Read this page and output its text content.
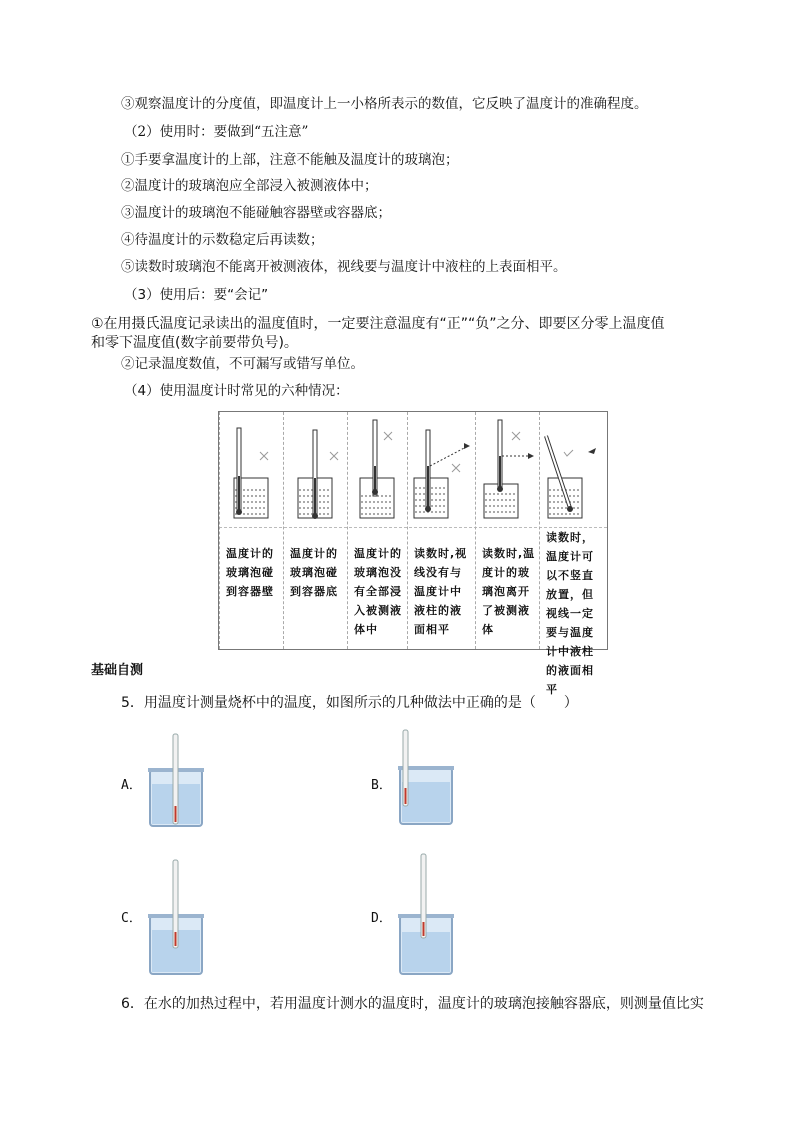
③观察温度计的分度值，即温度计上一小格所表示的数值，它反映了温度计的准确程度。
（2）使用时：要做到“五注意”
①手要拿温度计的上部，注意不能触及温度计的玻璃泡；
②温度计的玻璃泡应全部浸入被测液体中；
③温度计的玻璃泡不能碰触容器壁或容器底；
④待温度计的示数稳定后再读数；
⑤读数时玻璃泡不能离开被测液体，视线要与温度计中液柱的上表面相平。
（3）使用后：要“会记”
①在用摄氏温度记录读出的温度值时，一定要注意温度有“正”“负”之分、即要区分零上温度值
和零下温度值(数字前要带负号)。
②记录温度数值，不可漏写或错写单位。
（4）使用温度计时常见的六种情况：
温度计的玻璃泡碰到容器壁
温度计的玻璃泡碰到容器底
温度计的玻璃泡没有全部浸入被测液体中
读数时,视线没有与温度计中液柱的液面相平
读数时,温度计的玻璃泡离开了被测液体
读数时，温度计可以不竖直放置，但视线一定要与温度计中液柱的液面相平
基础自测
5．用温度计测量烧杯中的温度，如图所示的几种做法中正确的是（　　）
A．	B．
C．	D．
6．在水的加热过程中，若用温度计测水的温度时，温度计的玻璃泡接触容器底，则测量值比实
